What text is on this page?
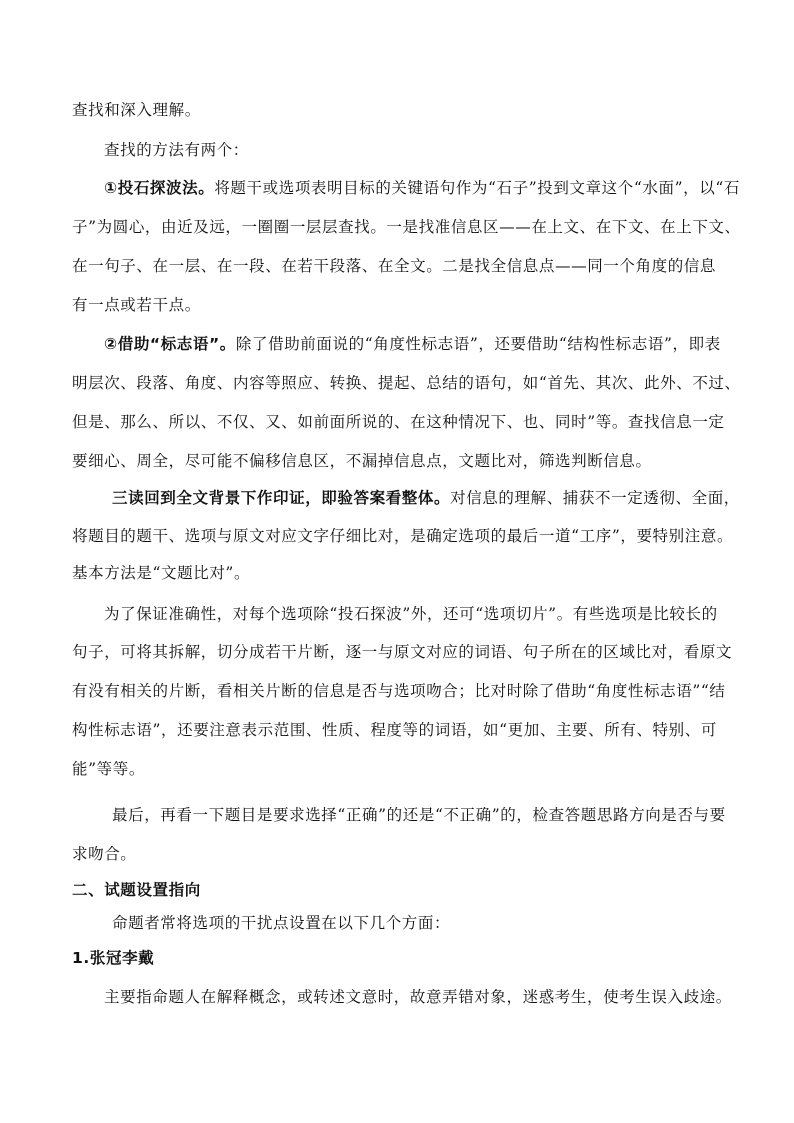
查找和深入理解。
查找的方法有两个：
①投石探波法。将题干或选项表明目标的关键语句作为“石子”投到文章这个“水面”，以“石
子”为圆心，由近及远，一圈圈一层层查找。一是找准信息区——在上文、在下文、在上下文、
在一句子、在一层、在一段、在若干段落、在全文。二是找全信息点——同一个角度的信息
有一点或若干点。
②借助“标志语”。除了借助前面说的“角度性标志语”，还要借助“结构性标志语”，即表
明层次、段落、角度、内容等照应、转换、提起、总结的语句，如“首先、其次、此外、不过、
但是、那么、所以、不仅、又、如前面所说的、在这种情况下、也、同时”等。查找信息一定
要细心、周全，尽可能不偏移信息区，不漏掉信息点，文题比对，筛选判断信息。
三读回到全文背景下作印证，即验答案看整体。对信息的理解、捕获不一定透彻、全面，
将题目的题干、选项与原文对应文字仔细比对，是确定选项的最后一道“工序”，要特别注意。
基本方法是“文题比对”。
为了保证准确性，对每个选项除“投石探波”外，还可“选项切片”。有些选项是比较长的
句子，可将其拆解，切分成若干片断，逐一与原文对应的词语、句子所在的区域比对，看原文
有没有相关的片断，看相关片断的信息是否与选项吻合；比对时除了借助“角度性标志语”“结
构性标志语”，还要注意表示范围、性质、程度等的词语，如“更加、主要、所有、特别、可
能”等等。
最后，再看一下题目是要求选择“正确”的还是“不正确”的，检查答题思路方向是否与要
求吻合。
二、试题设置指向
命题者常将选项的干扰点设置在以下几个方面：
1.张冠李戴
主要指命题人在解释概念，或转述文意时，故意弄错对象，迷惑考生，使考生误入歧途。
